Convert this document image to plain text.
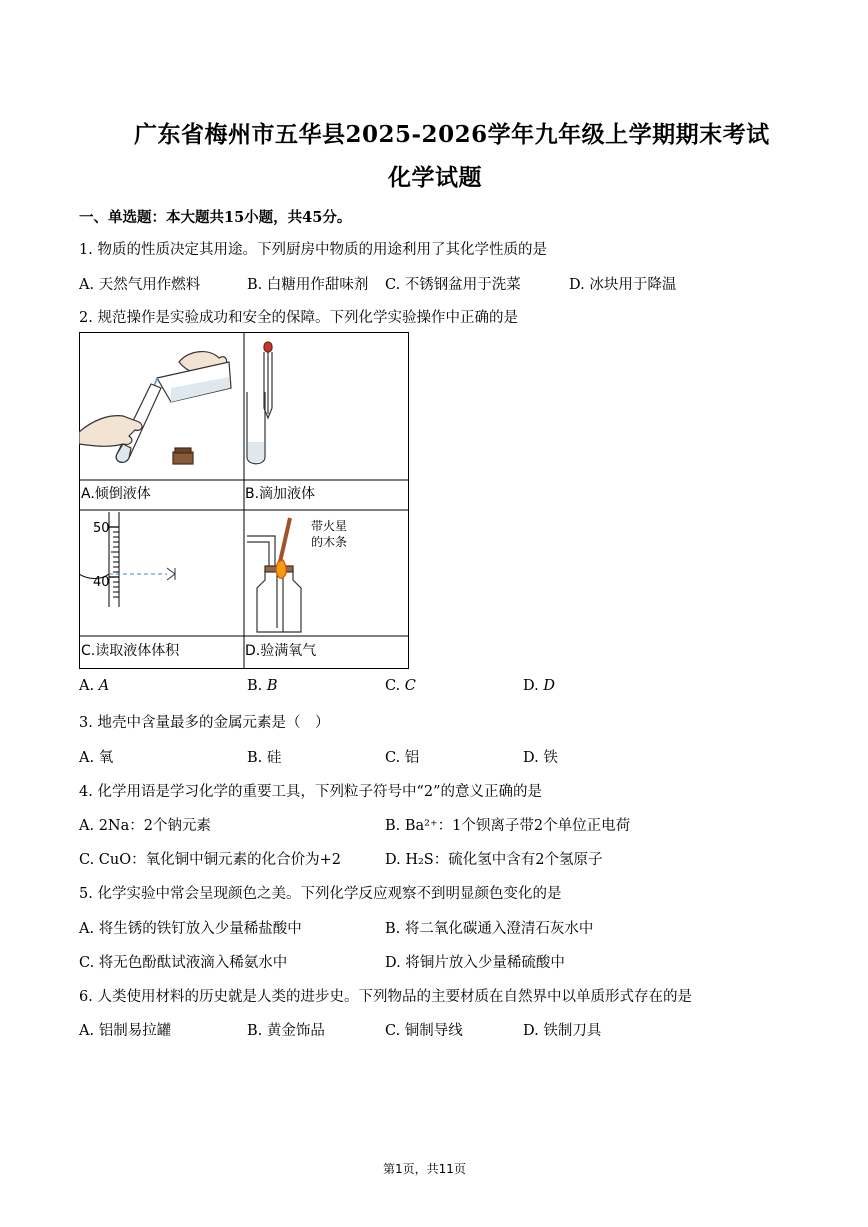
广东省梅州市五华县2025-2026学年九年级上学期期末考试
化学试题
一、单选题：本大题共15小题，共45分。
1. 物质的性质决定其用途。下列厨房中物质的用途利用了其化学性质的是
A. 天然气用作燃料	B. 白糖用作甜味剂 C. 不锈钢盆用于洗菜	D. 冰块用于降温
2. 规范操作是实验成功和安全的保障。下列化学实验操作中正确的是
50
40
带火星
的木条
A.倾倒液体	B.滴加液体
C.读取液体体积	D.验满氧气
A. 𝐴	B. 𝐵	C. 𝐶	D. 𝐷
3. 地壳中含量最多的金属元素是（　）
A. 氧	B. 硅	C. 铝	D. 铁
4. 化学用语是学习化学的重要工具，下列粒子符号中“2”的意义正确的是
A. 2Na：2个钠元素	B. Ba²⁺：1个钡离子带2个单位正电荷
C. CuO：氧化铜中铜元素的化合价为+2	D. H₂S：硫化氢中含有2个氢原子
5. 化学实验中常会呈现颜色之美。下列化学反应观察不到明显颜色变化的是
A. 将生锈的铁钉放入少量稀盐酸中	B. 将二氧化碳通入澄清石灰水中
C. 将无色酚酞试液滴入稀氨水中	D. 将铜片放入少量稀硫酸中
6. 人类使用材料的历史就是人类的进步史。下列物品的主要材质在自然界中以单质形式存在的是
A. 铝制易拉罐	B. 黄金饰品	C. 铜制导线	D. 铁制刀具
第1页，共11页
